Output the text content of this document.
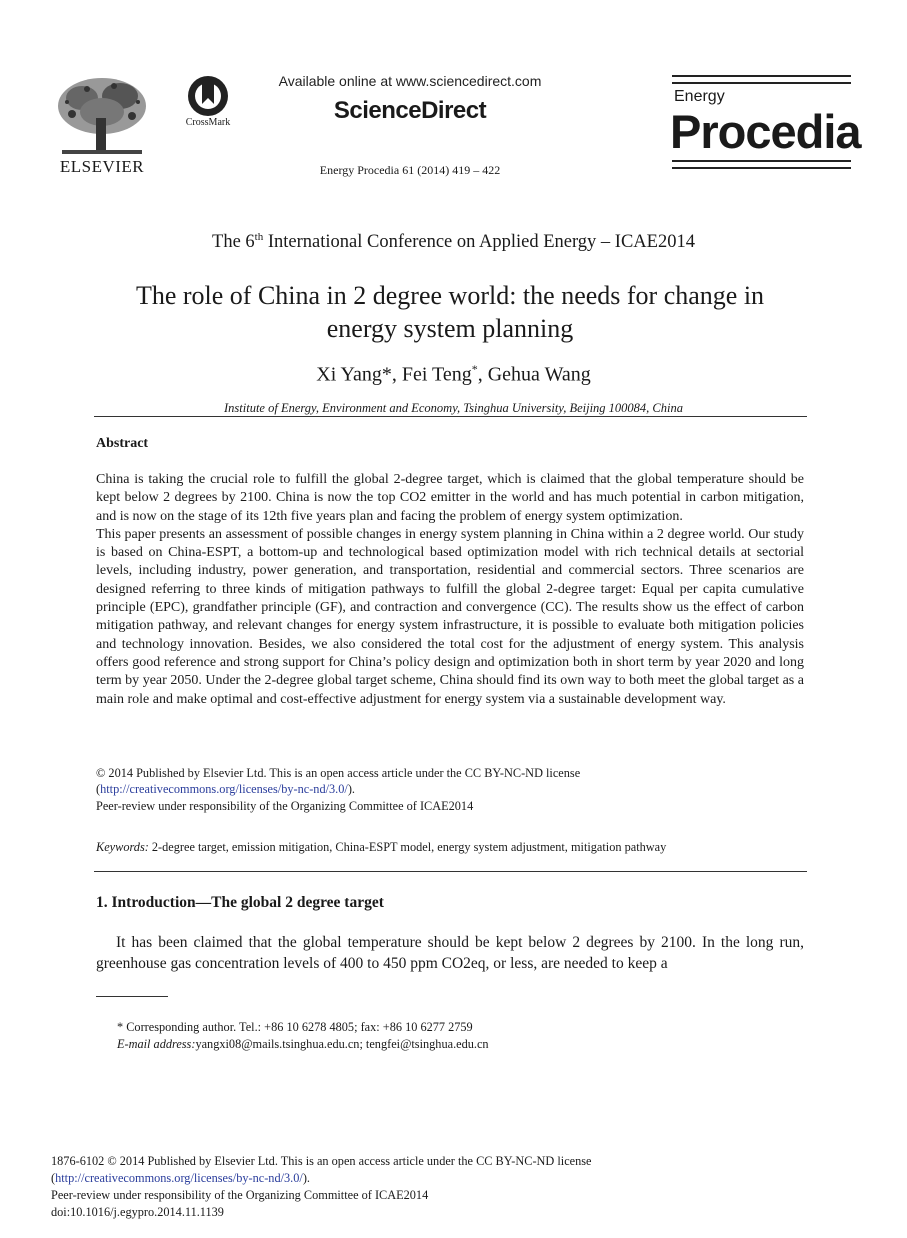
ELSEVIER
CrossMark
Available online at www.sciencedirect.com
ScienceDirect
Energy Procedia 61 (2014) 419 – 422
Energy
Procedia
The 6th International Conference on Applied Energy – ICAE2014
The role of China in 2 degree world: the needs for change in
energy system planning
Xi Yang*, Fei Teng*, Gehua Wang
Institute of Energy, Environment and Economy, Tsinghua University, Beijing 100084, China
Abstract

China is taking the crucial role to fulfill the global 2-degree target, which is claimed that the global temperature should be kept below 2 degrees by 2100. China is now the top CO2 emitter in the world and has much potential in carbon mitigation, and is now on the stage of its 12th five years plan and facing the problem of energy system optimization.

This paper presents an assessment of possible changes in energy system planning in China within a 2 degree world. Our study is based on China-ESPT, a bottom-up and technological based optimization model with rich technical details at sectorial levels, including industry, power generation, and transportation, residential and commercial sectors. Three scenarios are designed referring to three kinds of mitigation pathways to fulfill the global 2-degree target: Equal per capita cumulative principle (EPC), grandfather principle (GF), and contraction and convergence (CC). The results show us the effect of carbon mitigation pathway, and relevant changes for energy system infrastructure, it is possible to evaluate both mitigation policies and technology innovation. Besides, we also considered the total cost for the adjustment of energy system. This analysis offers good reference and strong support for China’s policy design and optimization both in short term by year 2020 and long term by year 2050. Under the 2-degree global target scheme, China should find its own way to both meet the global target as a main role and make optimal and cost-effective adjustment for energy system via a sustainable development way.

© 2014 Published by Elsevier Ltd. This is an open access article under the CC BY-NC-ND license
(http://creativecommons.org/licenses/by-nc-nd/3.0/).
Peer-review under responsibility of the Organizing Committee of ICAE2014
Keywords: 2-degree target, emission mitigation, China-ESPT model, energy system adjustment, mitigation pathway
1. Introduction—The global 2 degree target
It has been claimed that the global temperature should be kept below 2 degrees by 2100. In the long run, greenhouse gas concentration levels of 400 to 450 ppm CO2eq, or less, are needed to keep a
* Corresponding author. Tel.: +86 10 6278 4805; fax: +86 10 6277 2759
E-mail address:yangxi08@mails.tsinghua.edu.cn; tengfei@tsinghua.edu.cn
1876-6102 © 2014 Published by Elsevier Ltd. This is an open access article under the CC BY-NC-ND license
(http://creativecommons.org/licenses/by-nc-nd/3.0/).
Peer-review under responsibility of the Organizing Committee of ICAE2014
doi:10.1016/j.egypro.2014.11.1139
